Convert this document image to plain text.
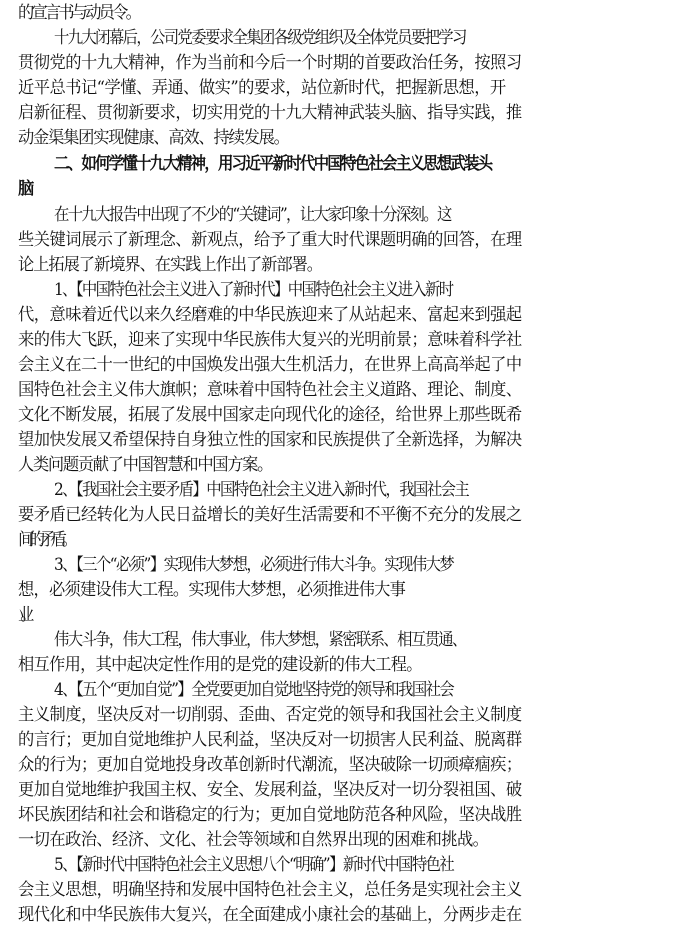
的宣言书与动员令。
十九大闭幕后，公司党委要求全集团各级党组织及全体党员要把学习
贯彻党的十九大精神，作为当前和今后一个时期的首要政治任务，按照习
近平总书记“学懂、弄通、做实”的要求，站位新时代，把握新思想，开
启新征程、贯彻新要求，切实用党的十九大精神武装头脑、指导实践，推
动金渠集团实现健康、高效、持续发展。
二、如何学懂十九大精神，用习近平新时代中国特色社会主义思想武装头
在十九大报告中出现了不少的“关键词”，让大家印象十分深刻。这
些关键词展示了新理念、新观点，给予了重大时代课题明确的回答，在理
论上拓展了新境界、在实践上作出了新部署。
1、【中国特色社会主义进入了新时代】中国特色社会主义进入新时
代，意味着近代以来久经磨难的中华民族迎来了从站起来、富起来到强起
来的伟大飞跃，迎来了实现中华民族伟大复兴的光明前景；意味着科学社
会主义在二十一世纪的中国焕发出强大生机活力，在世界上高高举起了中
国特色社会主义伟大旗帜；意味着中国特色社会主义道路、理论、制度、
文化不断发展，拓展了发展中国家走向现代化的途径，给世界上那些既希
望加快发展又希望保持自身独立性的国家和民族提供了全新选择，为解决
人类问题贡献了中国智慧和中国方案。
2、【我国社会主要矛盾】中国特色社会主义进入新时代，我国社会主
要矛盾已经转化为人民日益增长的美好生活需要和不平衡不充分的发展之
间的矛盾。
3、【三个“必须”】实现伟大梦想，必须进行伟大斗争。实现伟大梦
想，必须建设伟大工程。实现伟大梦想，必须推进伟大事
业。
伟大斗争，伟大工程，伟大事业，伟大梦想，紧密联系、相互贯通、
相互作用，其中起决定性作用的是党的建设新的伟大工程。
4、【五个“更加自觉”】全党要更加自觉地坚持党的领导和我国社会
主义制度，坚决反对一切削弱、歪曲、否定党的领导和我国社会主义制度
的言行；更加自觉地维护人民利益，坚决反对一切损害人民利益、脱离群
众的行为；更加自觉地投身改革创新时代潮流，坚决破除一切顽瘴痼疾；
更加自觉地维护我国主权、安全、发展利益，坚决反对一切分裂祖国、破
坏民族团结和社会和谐稳定的行为；更加自觉地防范各种风险，坚决战胜
一切在政治、经济、文化、社会等领域和自然界出现的困难和挑战。
5、【新时代中国特色社会主义思想八个“明确”】新时代中国特色社
会主义思想，明确坚持和发展中国特色社会主义，总任务是实现社会主义
现代化和中华民族伟大复兴，在全面建成小康社会的基础上，分两步走在
